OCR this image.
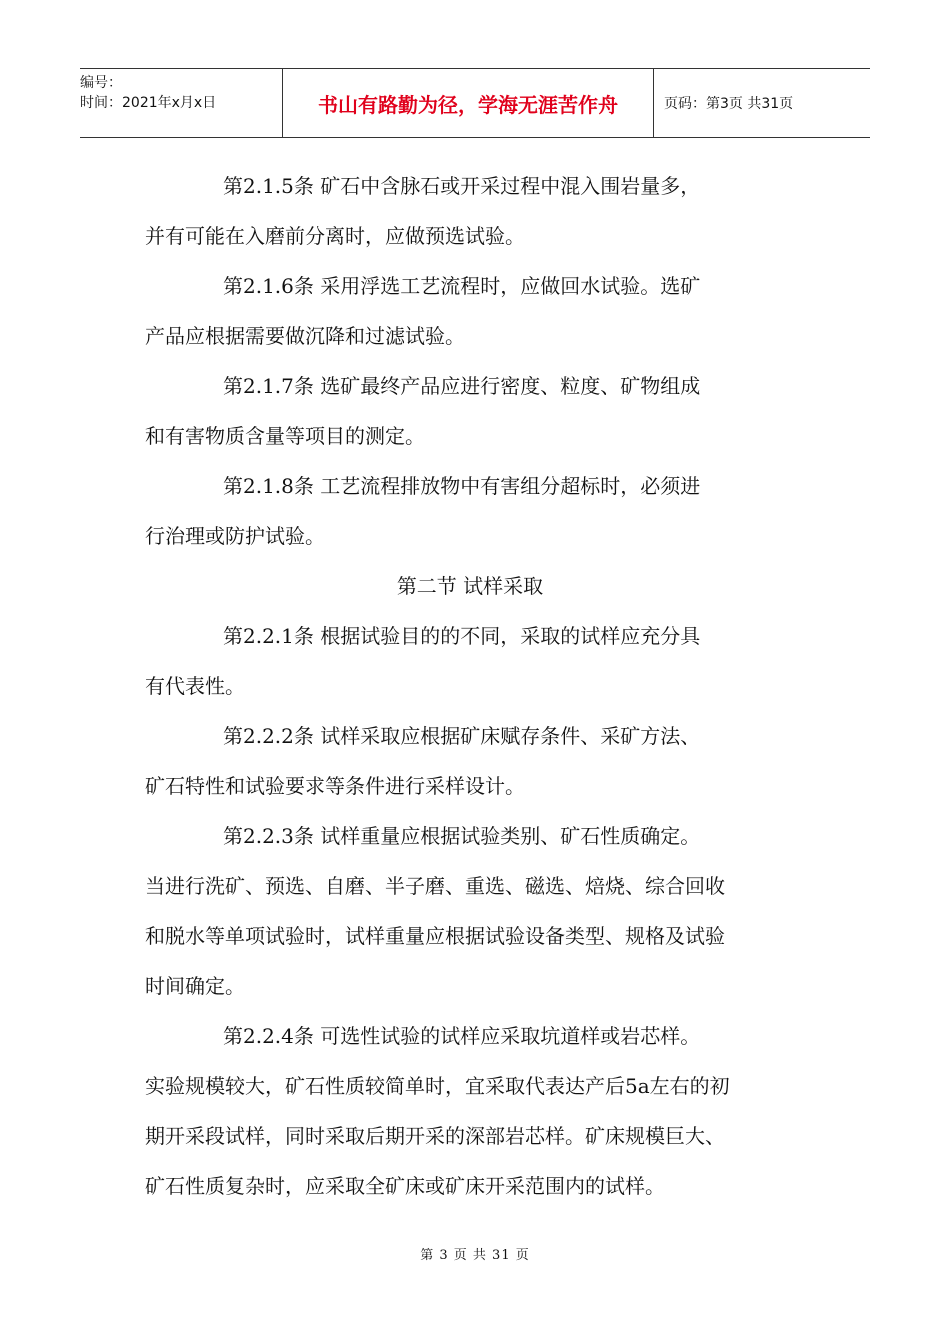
编号：
时间：2021年x月x日	书山有路勤为径，学海无涯苦作舟	页码：第3页 共31页

第2.1.5条 矿石中含脉石或开采过程中混入围岩量多，

并有可能在入磨前分离时，应做预选试验。

第2.1.6条 采用浮选工艺流程时，应做回水试验。选矿

产品应根据需要做沉降和过滤试验。

第2.1.7条 选矿最终产品应进行密度、粒度、矿物组成

和有害物质含量等项目的测定。

第2.1.8条 工艺流程排放物中有害组分超标时，必须进

行治理或防护试验。

第二节 试样采取

第2.2.1条 根据试验目的的不同，采取的试样应充分具

有代表性。

第2.2.2条 试样采取应根据矿床赋存条件、采矿方法、

矿石特性和试验要求等条件进行采样设计。

第2.2.3条 试样重量应根据试验类别、矿石性质确定。

当进行洗矿、预选、自磨、半子磨、重选、磁选、焙烧、综合回收

和脱水等单项试验时，试样重量应根据试验设备类型、规格及试验

时间确定。

第2.2.4条 可选性试验的试样应采取坑道样或岩芯样。

实验规模较大，矿石性质较简单时，宜采取代表达产后5a左右的初

期开采段试样，同时采取后期开采的深部岩芯样。矿床规模巨大、

矿石性质复杂时，应采取全矿床或矿床开采范围内的试样。

第 3 页 共 31 页
